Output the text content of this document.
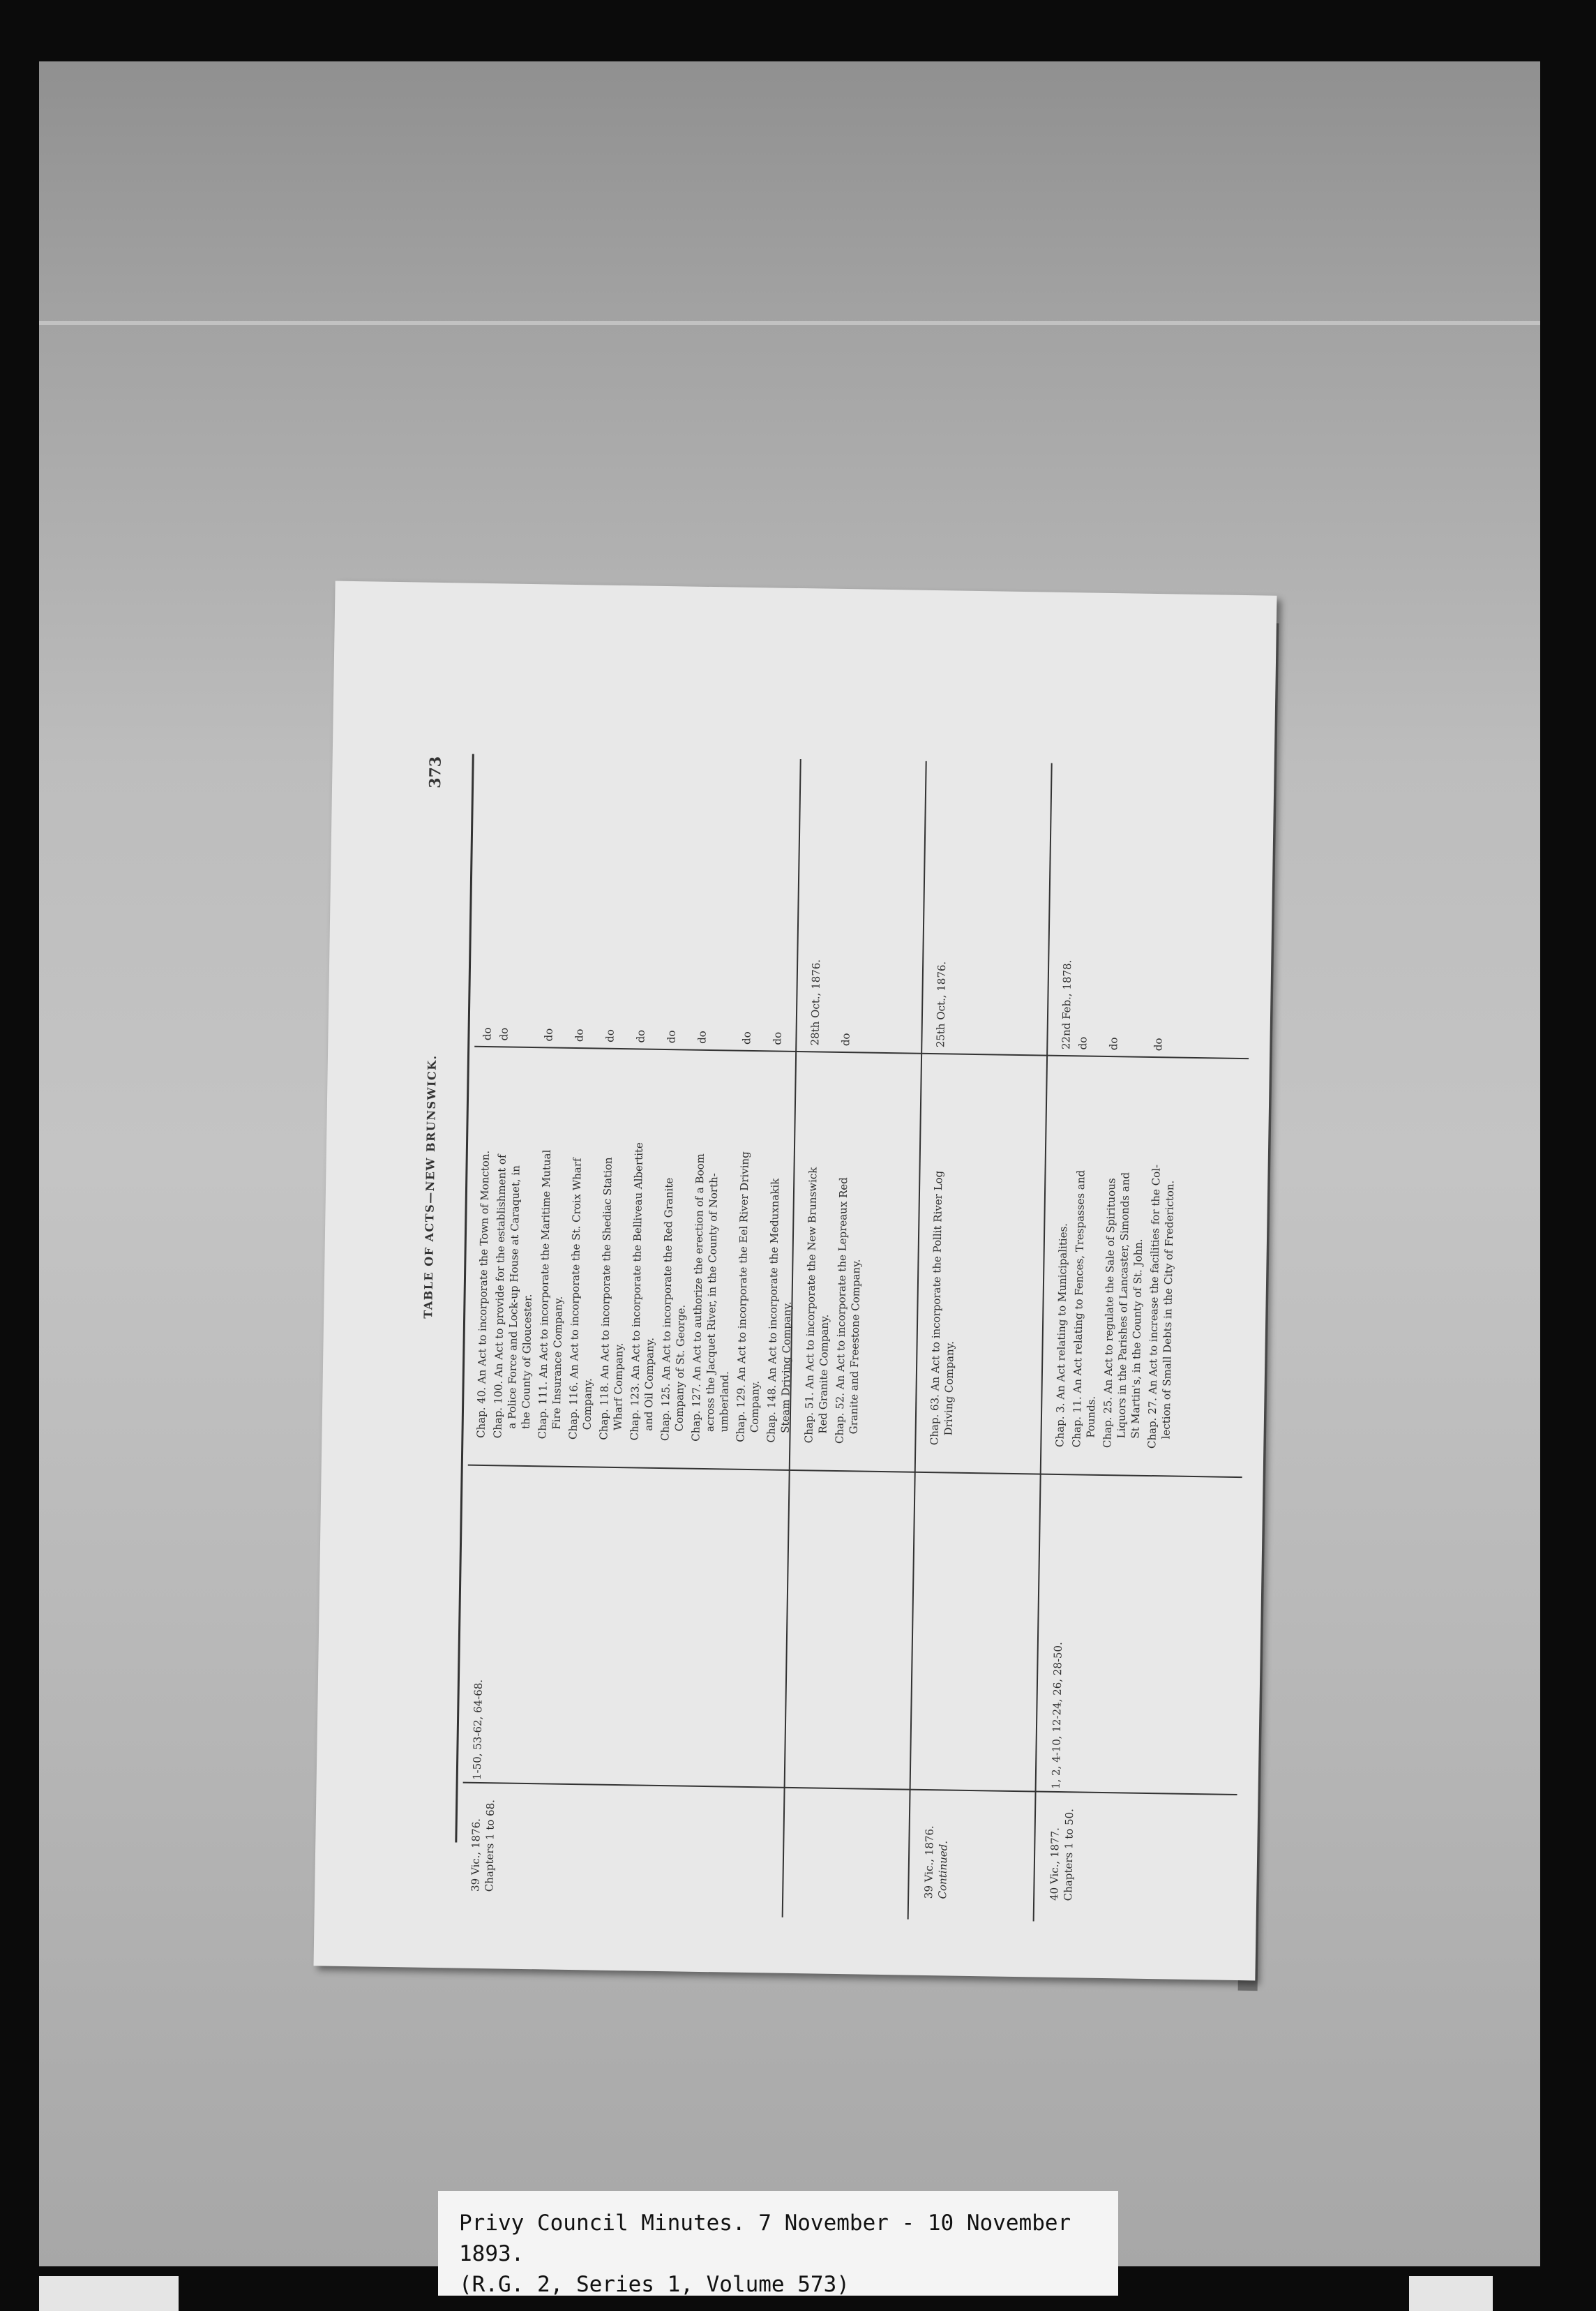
TABLE OF ACTS—NEW BRUNSWICK.
373
39 Vic., 1876. Chapters 1 to 68.
1-50, 53-62, 64-68.
Chap. 40. An Act to incorporate the Town of Moncton.
do
Chap. 100. An Act to provide for the establishment of
a Police Force and Lock-up House at Caraquet, in
the County of Gloucester.
do
Chap. 111. An Act to incorporate the Maritime Mutual
Fire Insurance Company.
do
Chap. 116. An Act to incorporate the St. Croix Wharf
Company.
do
Chap. 118. An Act to incorporate the Shediac Station
Wharf Company.
do
Chap. 123. An Act to incorporate the Belliveau Albertite
and Oil Company.
do
Chap. 125. An Act to incorporate the Red Granite
Company of St. George.
do
Chap. 127. An Act to authorize the erection of a Boom
across the Jacquet River, in the County of North-
umberland.
do
Chap. 129. An Act to incorporate the Eel River Driving
Company.
do
Chap. 148. An Act to incorporate the Meduxnakik
Steam Driving Company.
do
Chap. 51. An Act to incorporate the New Brunswick
Red Granite Company.
28th Oct., 1876.
Chap. 52. An Act to incorporate the Lepreaux Red
Granite and Freestone Company.
do
39 Vic., 1876. Continued.
Chap. 63. An Act to incorporate the Pollit River Log
Driving Company.
25th Oct., 1876.
40 Vic., 1877. Chapters 1 to 50.
1, 2, 4-10, 12-24, 26, 28-50.
Chap. 3. An Act relating to Municipalities.
22nd Feb., 1878.
Chap. 11. An Act relating to Fences, Trespasses and
Pounds.
do
Chap. 25. An Act to regulate the Sale of Spirituous
Liquors in the Parishes of Lancaster, Simonds and
St Martin's, in the County of St. John.
do
Chap. 27. An Act to increase the facilities for the Col-
lection of Small Debts in the City of Fredericton.
do
Privy Council Minutes. 7 November - 10 November 1893.
(R.G. 2, Series 1, Volume 573)
